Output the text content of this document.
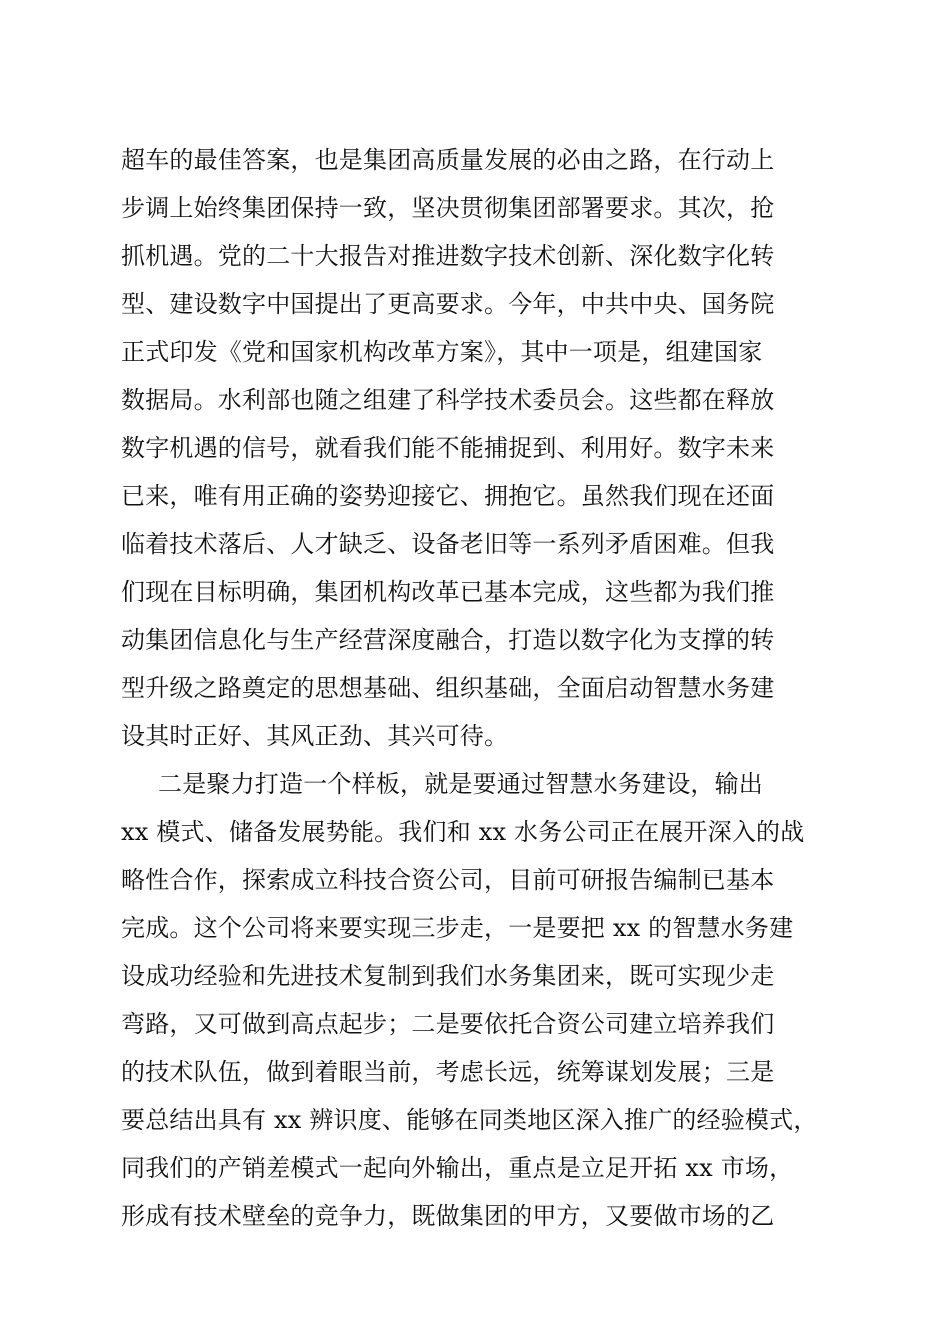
超车的最佳答案，也是集团高质量发展的必由之路，在行动上
步调上始终集团保持一致，坚决贯彻集团部署要求。其次，抢
抓机遇。党的二十大报告对推进数字技术创新、深化数字化转
型、建设数字中国提出了更高要求。今年，中共中央、国务院
正式印发《党和国家机构改革方案》，其中一项是，组建国家
数据局。水利部也随之组建了科学技术委员会。这些都在释放
数字机遇的信号，就看我们能不能捕捉到、利用好。数字未来
已来，唯有用正确的姿势迎接它、拥抱它。虽然我们现在还面
临着技术落后、人才缺乏、设备老旧等一系列矛盾困难。但我
们现在目标明确，集团机构改革已基本完成，这些都为我们推
动集团信息化与生产经营深度融合，打造以数字化为支撑的转
型升级之路奠定的思想基础、组织基础，全面启动智慧水务建
设其时正好、其风正劲、其兴可待。
二是聚力打造一个样板，就是要通过智慧水务建设，输出
xx 模式、储备发展势能。我们和 xx 水务公司正在展开深入的战
略性合作，探索成立科技合资公司，目前可研报告编制已基本
完成。这个公司将来要实现三步走，一是要把 xx 的智慧水务建
设成功经验和先进技术复制到我们水务集团来，既可实现少走
弯路，又可做到高点起步；二是要依托合资公司建立培养我们
的技术队伍，做到着眼当前，考虑长远，统筹谋划发展；三是
要总结出具有 xx 辨识度、能够在同类地区深入推广的经验模式，
同我们的产销差模式一起向外输出，重点是立足开拓 xx 市场，
形成有技术壁垒的竞争力，既做集团的甲方，又要做市场的乙
